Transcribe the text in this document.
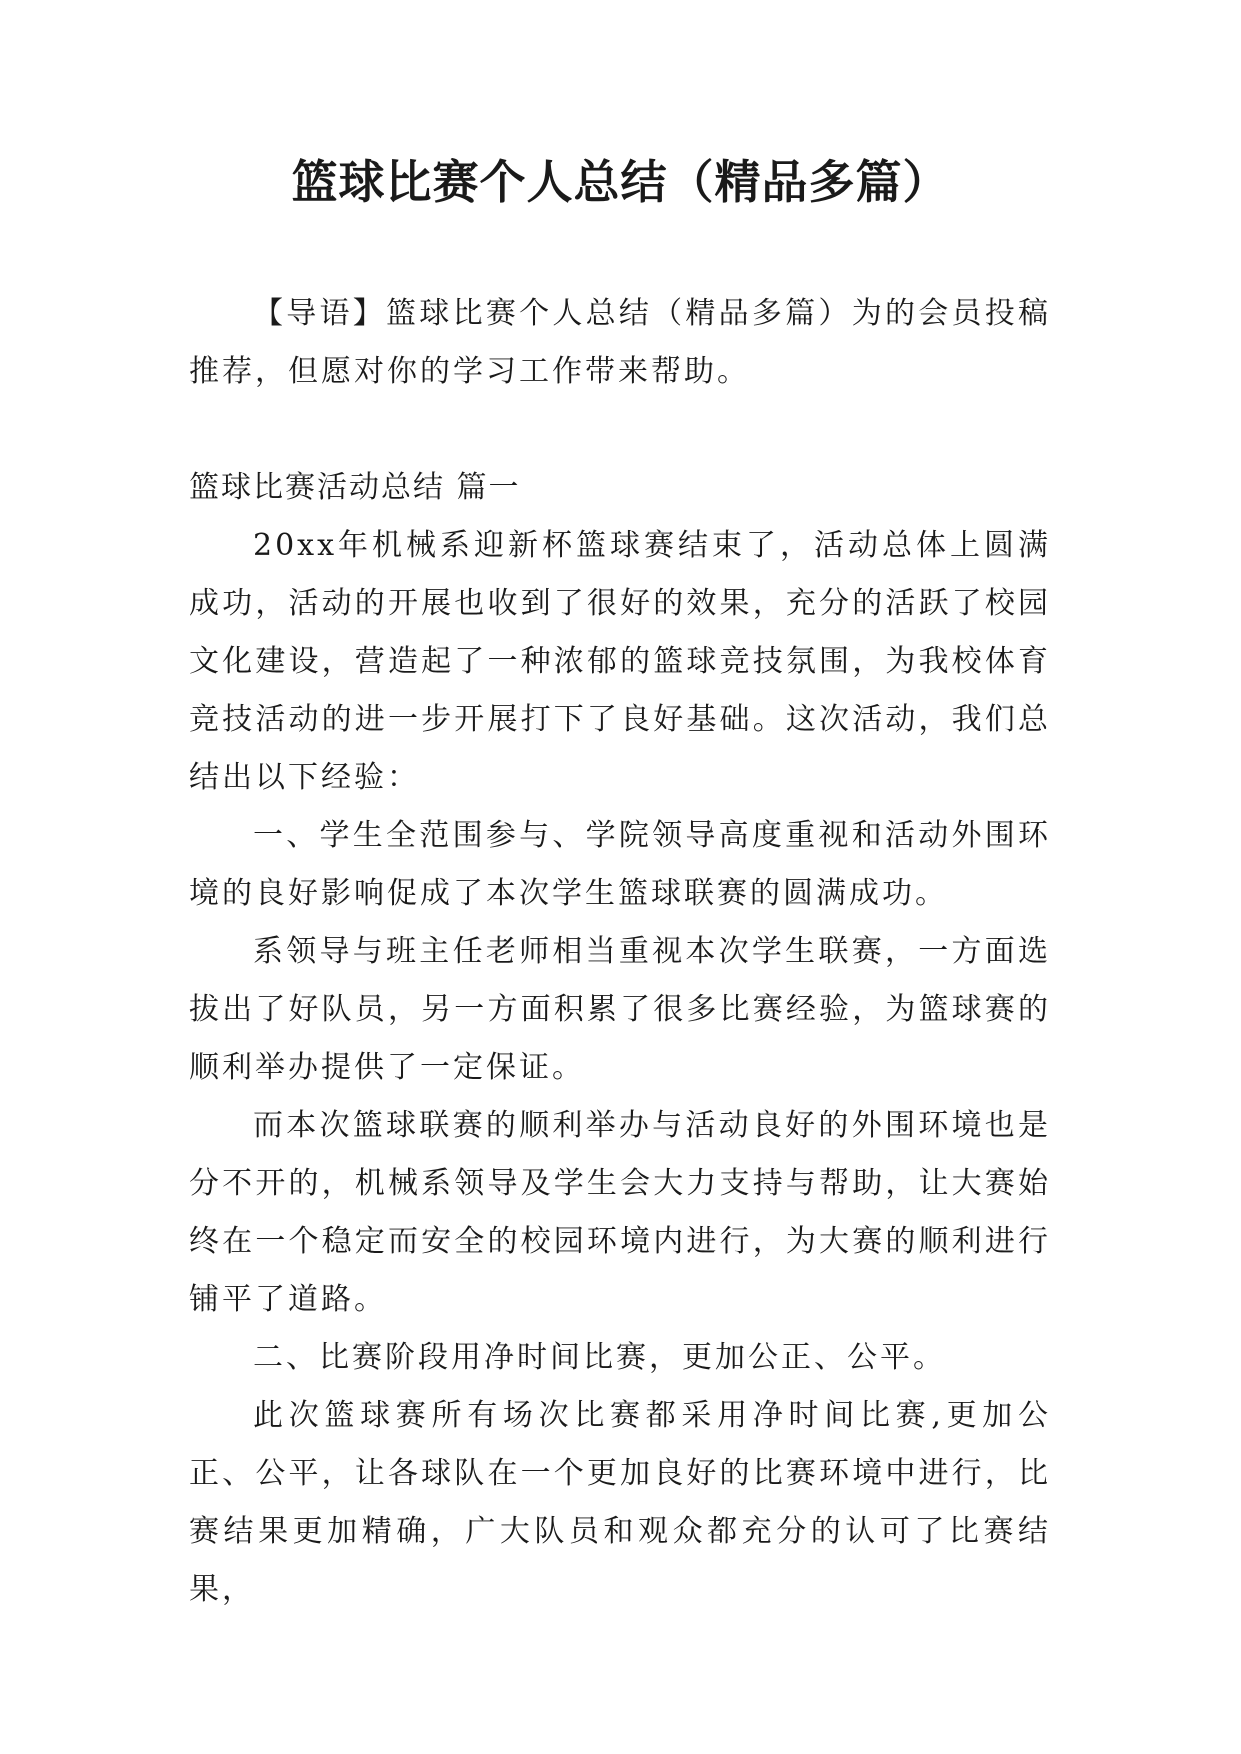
篮球比赛个人总结（精品多篇）

【导语】篮球比赛个人总结（精品多篇）为的会员投稿推荐，但愿对你的学习工作带来帮助。

篮球比赛活动总结 篇一

20xx年机械系迎新杯篮球赛结束了，活动总体上圆满成功，活动的开展也收到了很好的效果，充分的活跃了校园文化建设，营造起了一种浓郁的篮球竞技氛围，为我校体育竞技活动的进一步开展打下了良好基础。这次活动，我们总结出以下经验：

一、学生全范围参与、学院领导高度重视和活动外围环境的良好影响促成了本次学生篮球联赛的圆满成功。

系领导与班主任老师相当重视本次学生联赛，一方面选拔出了好队员，另一方面积累了很多比赛经验，为篮球赛的顺利举办提供了一定保证。

而本次篮球联赛的顺利举办与活动良好的外围环境也是分不开的，机械系领导及学生会大力支持与帮助，让大赛始终在一个稳定而安全的校园环境内进行，为大赛的顺利进行铺平了道路。

二、比赛阶段用净时间比赛，更加公正、公平。

此次篮球赛所有场次比赛都采用净时间比赛,更加公正、公平，让各球队在一个更加良好的比赛环境中进行，比赛结果更加精确，广大队员和观众都充分的认可了比赛结果，
